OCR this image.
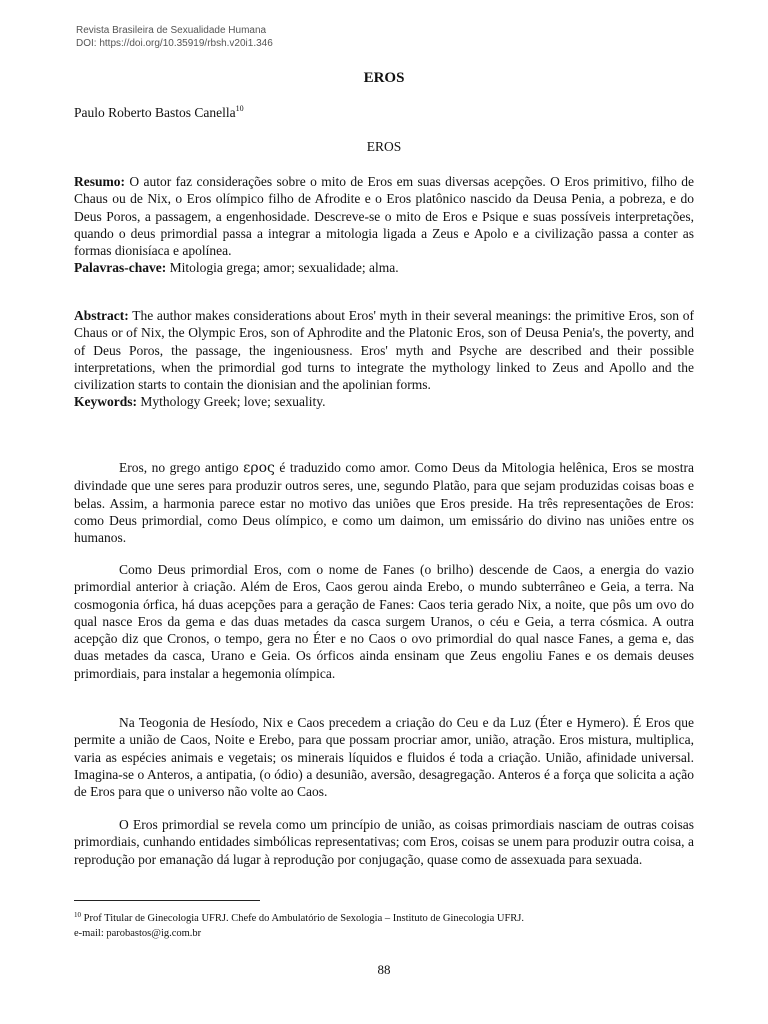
Revista Brasileira de Sexualidade Humana
DOI: https://doi.org/10.35919/rbsh.v20i1.346
EROS
Paulo Roberto Bastos Canella$^{10}$
EROS
Resumo: O autor faz considerações sobre o mito de Eros em suas diversas acepções. O Eros primitivo, filho de Chaus ou de Nix, o Eros olímpico filho de Afrodite e o Eros platônico nascido da Deusa Penia, a pobreza, e do Deus Poros, a passagem, a engenhosidade. Descreve-se o mito de Eros e Psique e suas possíveis interpretações, quando o deus primordial passa a integrar a mitologia ligada a Zeus e Apolo e a civilização passa a conter as formas dionisíaca e apolínea.
Palavras-chave: Mitologia grega; amor; sexualidade; alma.
Abstract: The author makes considerations about Eros' myth in their several meanings: the primitive Eros, son of Chaus or of Nix, the Olympic Eros, son of Aphrodite and the Platonic Eros, son of Deusa Penia's, the poverty, and of Deus Poros, the passage, the ingeniousness. Eros' myth and Psyche are described and their possible interpretations, when the primordial god turns to integrate the mythology linked to Zeus and Apollo and the civilization starts to contain the dionisian and the apolinian forms.
Keywords: Mythology Greek; love; sexuality.
Eros, no grego antigo ερος é traduzido como amor. Como Deus da Mitologia helênica, Eros se mostra divindade que une seres para produzir outros seres, une, segundo Platão, para que sejam produzidas coisas boas e belas. Assim, a harmonia parece estar no motivo das uniões que Eros preside. Ha três representações de Eros: como Deus primordial, como Deus olímpico, e como um daimon, um emissário do divino nas uniões entre os humanos.
Como Deus primordial Eros, com o nome de Fanes (o brilho) descende de Caos, a energia do vazio primordial anterior à criação. Além de Eros, Caos gerou ainda Erebo, o mundo subterrâneo e Geia, a terra. Na cosmogonia órfica, há duas acepções para a geração de Fanes: Caos teria gerado Nix, a noite, que pôs um ovo do qual nasce Eros da gema e das duas metades da casca surgem Uranos, o céu e Geia, a terra cósmica. A outra acepção diz que Cronos, o tempo, gera no Éter e no Caos o ovo primordial do qual nasce Fanes, a gema e, das duas metades da casca, Urano e Geia. Os órficos ainda ensinam que Zeus engoliu Fanes e os demais deuses primordiais, para instalar a hegemonia olímpica.
Na Teogonia de Hesíodo, Nix e Caos precedem a criação do Ceu e da Luz (Éter e Hymero). É Eros que permite a união de Caos, Noite e Erebo, para que possam procriar amor, união, atração. Eros mistura, multiplica, varia as espécies animais e vegetais; os minerais líquidos e fluidos é toda a criação. União, afinidade universal. Imagina-se o Anteros, a antipatia, (o ódio) a desunião, aversão, desagregação. Anteros é a força que solicita a ação de Eros para que o universo não volte ao Caos.
O Eros primordial se revela como um princípio de união, as coisas primordiais nasciam de outras coisas primordiais, cunhando entidades simbólicas representativas; com Eros, coisas se unem para produzir outra coisa, a reprodução por emanação dá lugar à reprodução por conjugação, quase como de assexuada para sexuada.
$^{10}$ Prof Titular de Ginecologia UFRJ. Chefe do Ambulatório de Sexologia – Instituto de Ginecologia UFRJ.
e-mail: parobastos@ig.com.br
88
